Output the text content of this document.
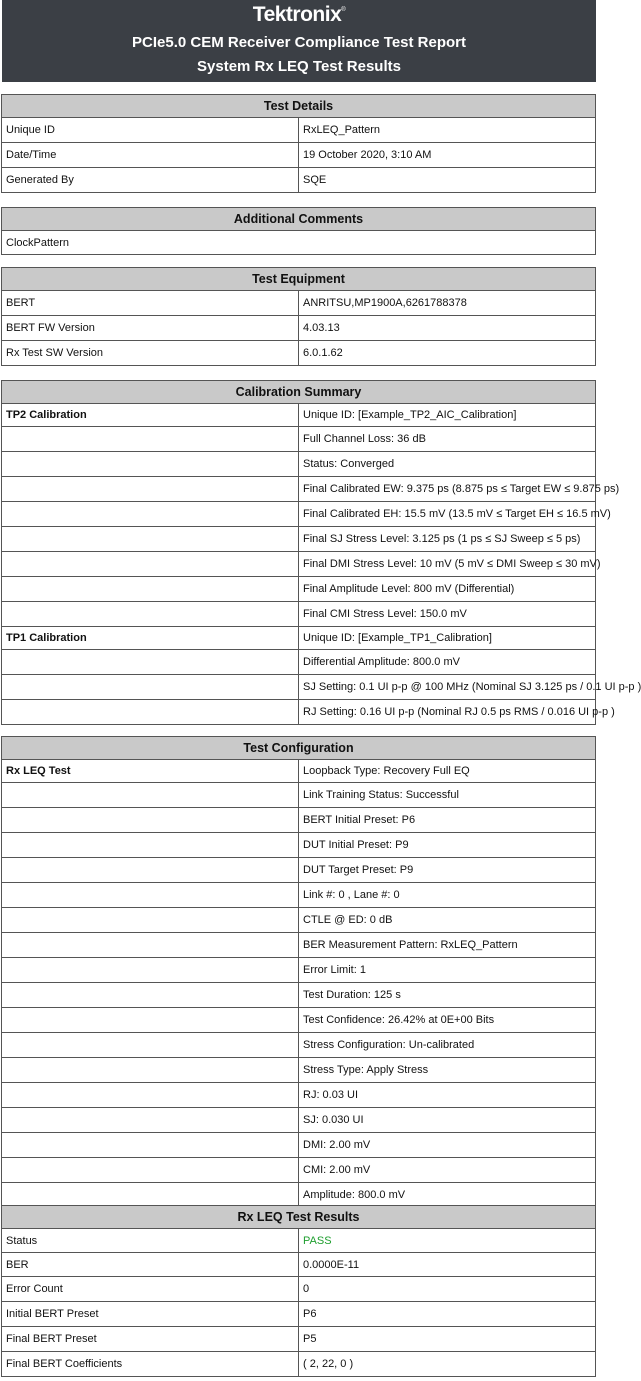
Tektronix®
PCIe5.0 CEM Receiver Compliance Test Report
System Rx LEQ Test Results
Test Details	
Unique ID	RxLEQ_Pattern
Date/Time	19 October 2020, 3:10 AM
Generated By	SQE
Additional Comments
ClockPattern
Test Equipment	
BERT	ANRITSU,MP1900A,6261788378
BERT FW Version	4.03.13
Rx Test SW Version	6.0.1.62
Calibration Summary	
TP2 Calibration	Unique ID: [Example_TP2_AIC_Calibration]
	Full Channel Loss: 36 dB
	Status: Converged
	Final Calibrated EW: 9.375 ps (8.875 ps ≤ Target EW ≤ 9.875 ps)
	Final Calibrated EH: 15.5 mV (13.5 mV ≤ Target EH ≤ 16.5 mV)
	Final SJ Stress Level: 3.125 ps (1 ps ≤ SJ Sweep ≤ 5 ps)
	Final DMI Stress Level: 10 mV (5 mV ≤ DMI Sweep ≤ 30 mV)
	Final Amplitude Level: 800 mV (Differential)
	Final CMI Stress Level: 150.0 mV
TP1 Calibration	Unique ID: [Example_TP1_Calibration]
	Differential Amplitude: 800.0 mV
	SJ Setting: 0.1 UI p-p @ 100 MHz (Nominal SJ 3.125 ps / 0.1 UI p-p )
	RJ Setting: 0.16 UI p-p (Nominal RJ 0.5 ps RMS / 0.016 UI p-p )
Test Configuration	
Rx LEQ Test	Loopback Type: Recovery Full EQ
	Link Training Status: Successful
	BERT Initial Preset: P6
	DUT Initial Preset: P9
	DUT Target Preset: P9
	Link #: 0 , Lane #: 0
	CTLE @ ED: 0 dB
	BER Measurement Pattern: RxLEQ_Pattern
	Error Limit: 1
	Test Duration: 125 s
	Test Confidence: 26.42% at 0E+00 Bits
	Stress Configuration: Un-calibrated
	Stress Type: Apply Stress
	RJ: 0.03 UI
	SJ: 0.030 UI
	DMI: 2.00 mV
	CMI: 2.00 mV
	Amplitude: 800.0 mV
Rx LEQ Test Results	
Status	PASS
BER	0.0000E-11
Error Count	0
Initial BERT Preset	P6
Final BERT Preset	P5
Final BERT Coefficients	( 2, 22, 0 )
